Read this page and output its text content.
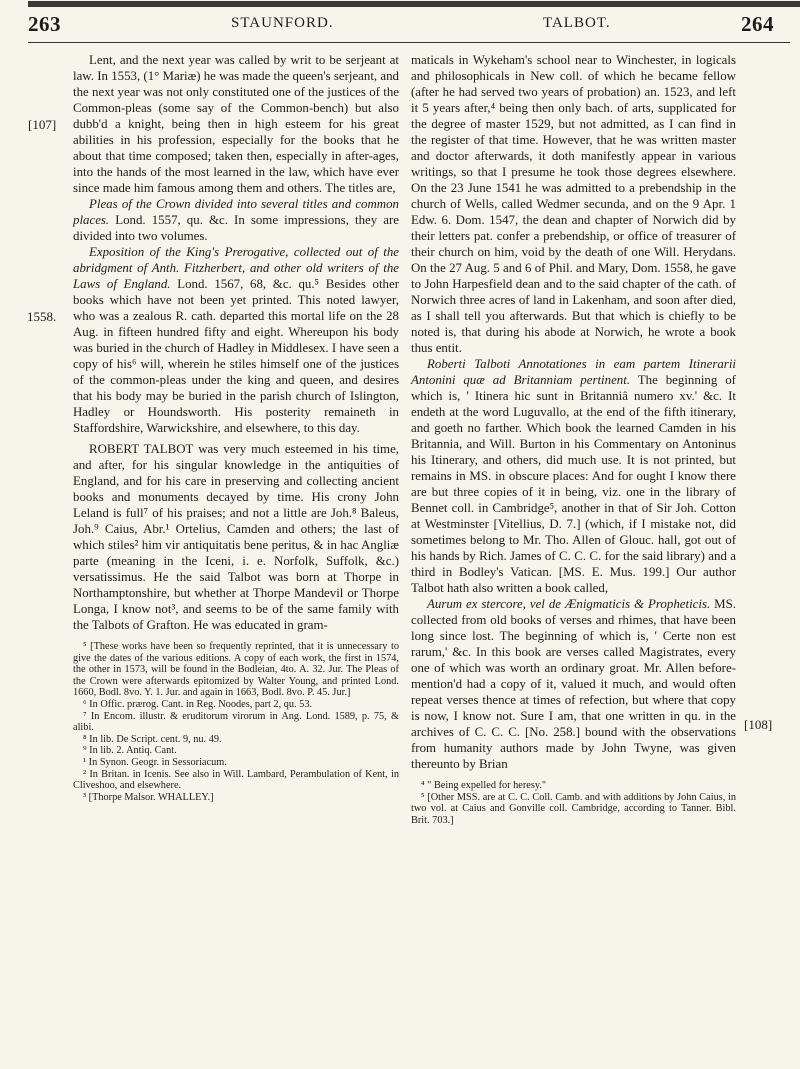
263	STAUNFORD.	TALBOT.	264
[107]
1558.
[108]

Lent, and the next year was called by writ to be serjeant at law. In 1553, (1° Mariæ) he was made the queen's serjeant, and the next year was not only constituted one of the justices of the Common-pleas (some say of the Common-bench) but also dubb'd a knight, being then in high esteem for his great abilities in his profession, especially for the books that he about that time composed; taken then, especially in after-ages, into the hands of the most learned in the law, which have ever since made him famous among them and others. The titles are,

Pleas of the Crown divided into several titles and common places. Lond. 1557, qu. &c. In some impressions, they are divided into two volumes.

Exposition of the King's Prerogative, collected out of the abridgment of Anth. Fitzherbert, and other old writers of the Laws of England. Lond. 1567, 68, &c. qu.⁵ Besides other books which have not been yet printed. This noted lawyer, who was a zealous R. cath. departed this mortal life on the 28 Aug. in fifteen hundred fifty and eight. Whereupon his body was buried in the church of Hadley in Middlesex. I have seen a copy of his⁶ will, wherein he stiles himself one of the justices of the common-pleas under the king and queen, and desires that his body may be buried in the parish church of Islington, Hadley or Houndsworth. His posterity remaineth in Staffordshire, Warwickshire, and elsewhere, to this day.

ROBERT TALBOT was very much esteemed in his time, and after, for his singular knowledge in the antiquities of England, and for his care in preserving and collecting ancient books and monuments decayed by time. His crony John Leland is full⁷ of his praises; and not a little are Joh.⁸ Baleus, Joh.⁹ Caius, Abr.¹ Ortelius, Camden and others; the last of which stiles² him vir antiquitatis bene peritus, & in hac Angliæ parte (meaning in the Iceni, i. e. Norfolk, Suffolk, &c.) versatissimus. He the said Talbot was born at Thorpe in Northamptonshire, but whether at Thorpe Mandevil or Thorpe Longa, I know not³, and seems to be of the same family with the Talbots of Grafton. He was educated in gram-

⁵ [These works have been so frequently reprinted, that it is unnecessary to give the dates of the various editions. A copy of each work, the first in 1574, the other in 1573, will be found in the Bodleian, 4to. A. 32. Jur. The Pleas of the Crown were afterwards epitomized by Walter Young, and printed Lond. 1660, Bodl. 8vo. Y. 1. Jur. and again in 1663, Bodl. 8vo. P. 45. Jur.]
⁶ In Offic. prærog. Cant. in Reg. Noodes, part 2, qu. 53.
⁷ In Encom. illustr. & eruditorum virorum in Ang. Lond. 1589, p. 75, & alibi.
⁸ In lib. De Script. cent. 9, nu. 49.
⁹ In lib. 2. Antiq. Cant.
¹ In Synon. Geogr. in Sessoriacum.
² In Britan. in Icenis. See also in Will. Lambard, Perambulation of Kent, in Cliveshoo, and elsewhere.
³ [Thorpe Malsor. WHALLEY.]

maticals in Wykeham's school near to Winchester, in logicals and philosophicals in New coll. of which he became fellow (after he had served two years of probation) an. 1523, and left it 5 years after,⁴ being then only bach. of arts, supplicated for the degree of master 1529, but not admitted, as I can find in the register of that time. However, that he was written master and doctor afterwards, it doth manifestly appear in various writings, so that I presume he took those degrees elsewhere. On the 23 June 1541 he was admitted to a prebendship in the church of Wells, called Wedmer secunda, and on the 9 Apr. 1 Edw. 6. Dom. 1547, the dean and chapter of Norwich did by their letters pat. confer a prebendship, or office of treasurer of their church on him, void by the death of one Will. Herydans. On the 27 Aug. 5 and 6 of Phil. and Mary, Dom. 1558, he gave to John Harpesfield dean and to the said chapter of the cath. of Norwich three acres of land in Lakenham, and soon after died, as I shall tell you afterwards. But that which is chiefly to be noted is, that during his abode at Norwich, he wrote a book thus entit.

Roberti Talboti Annotationes in eam partem Itinerarii Antonini quæ ad Britanniam pertinent. The beginning of which is, ' Itinera hic sunt in Britanniâ numero xv.' &c. It endeth at the word Luguvallo, at the end of the fifth itinerary, and goeth no farther. Which book the learned Camden in his Britannia, and Will. Burton in his Commentary on Antoninus his Itinerary, and others, did much use. It is not printed, but remains in MS. in obscure places: And for ought I know there are but three copies of it in being, viz. one in the library of Bennet coll. in Cambridge⁵, another in that of Sir Joh. Cotton at Westminster [Vitellius, D. 7.] (which, if I mistake not, did sometimes belong to Mr. Tho. Allen of Glouc. hall, got out of his hands by Rich. James of C. C. C. for the said library) and a third in Bodley's Vatican. [MS. E. Mus. 199.] Our author Talbot hath also written a book called,

Aurum ex stercore, vel de Ænigmaticis & Propheticis. MS. collected from old books of verses and rhimes, that have been long since lost. The beginning of which is, ' Certe non est rarum,' &c. In this book are verses called Magistrates, every one of which was worth an ordinary groat. Mr. Allen before-mention'd had a copy of it, valued it much, and would often repeat verses thence at times of refection, but where that copy is now, I know not. Sure I am, that one written in qu. in the archives of C. C. C. [No. 258.] bound with the observations from humanity authors made by John Twyne, was given thereunto by Brian

⁴ " Being expelled for heresy."
⁵ [Other MSS. are at C. C. Coll. Camb. and with additions by John Caius, in two vol. at Caius and Gonville coll. Cambridge, according to Tanner. Bibl. Brit. 703.]
